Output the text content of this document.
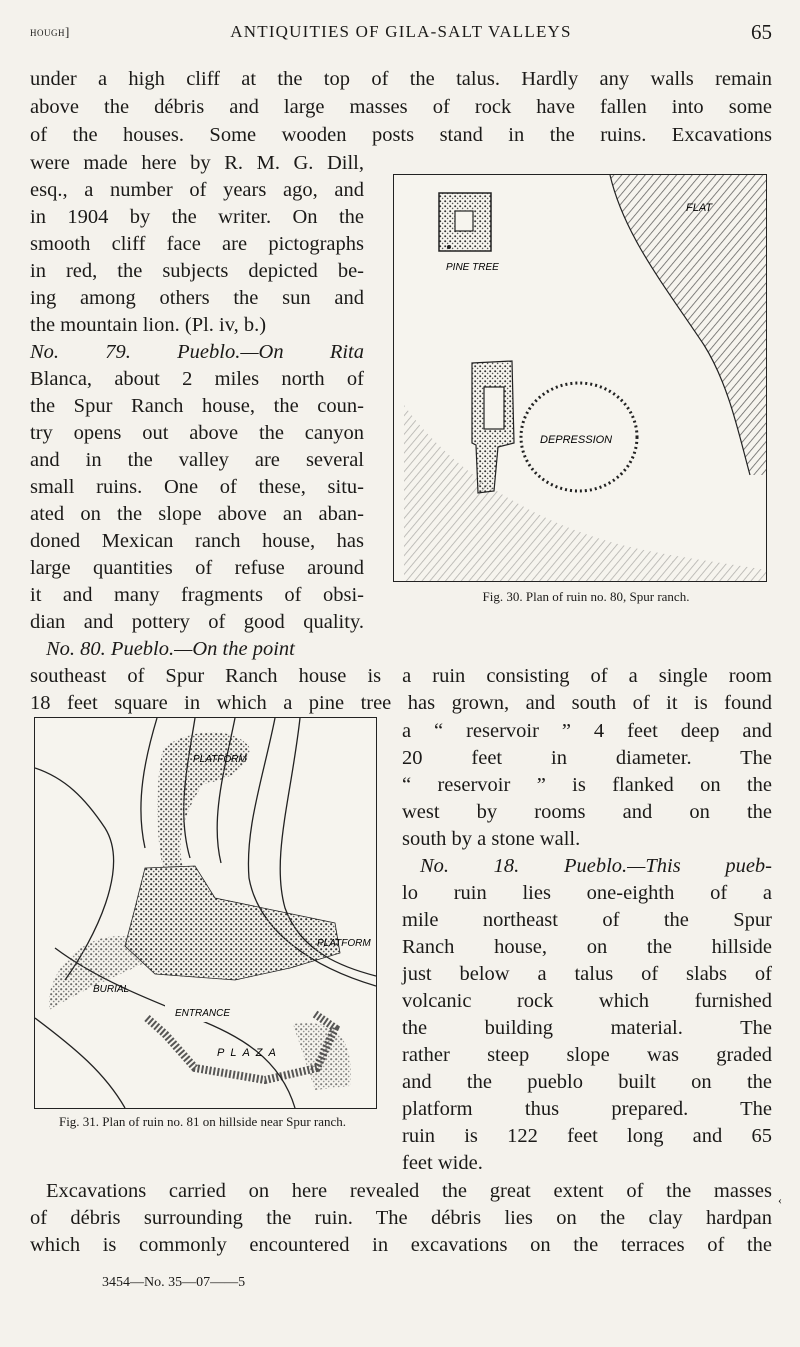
hough]	ANTIQUITIES OF GILA-SALT VALLEYS	65
under a high cliff at the top of the talus. Hardly any walls remain
above the débris and large masses of rock have fallen into some
of the houses. Some wooden posts stand in the ruins. Excavations
were made here by R. M. G. Dill,
esq., a number of years ago, and
in 1904 by the writer. On the
smooth cliff face are pictographs
in red, the subjects depicted be-
ing among others the sun and
the mountain lion. (Pl. iv, b.)
No. 79. Pueblo.—On Rita
Blanca, about 2 miles north of
the Spur Ranch house, the coun-
try opens out above the canyon
and in the valley are several
small ruins. One of these, situ-
ated on the slope above an aban-
doned Mexican ranch house, has
large quantities of refuse around
it and many fragments of obsi-
dian and pottery of good quality.
No. 80. Pueblo.—On the point
PINE TREE
FLAT
DEPRESSION
Fig. 30. Plan of ruin no. 80, Spur ranch.
southeast of Spur Ranch house is a ruin consisting of a single room
18 feet square in which a pine tree has grown, and south of it is found
PLATFORM
BURIAL
PLATFORM
ENTRANCE
PLAZA
Fig. 31. Plan of ruin no. 81 on hillside near Spur ranch.
a “ reservoir ” 4 feet deep and
20 feet in diameter. The
“ reservoir ” is flanked on the
west by rooms and on the
south by a stone wall.
No. 18. Pueblo.—This pueb-
lo ruin lies one-eighth of a
mile northeast of the Spur
Ranch house, on the hillside
just below a talus of slabs of
volcanic rock which furnished
the building material. The
rather steep slope was graded
and the pueblo built on the
platform thus prepared. The
ruin is 122 feet long and 65
feet wide.
Excavations carried on here revealed the great extent of the masses
of débris surrounding the ruin. The débris lies on the clay hardpan
which is commonly encountered in excavations on the terraces of the
‹
3454—No. 35—07——5
